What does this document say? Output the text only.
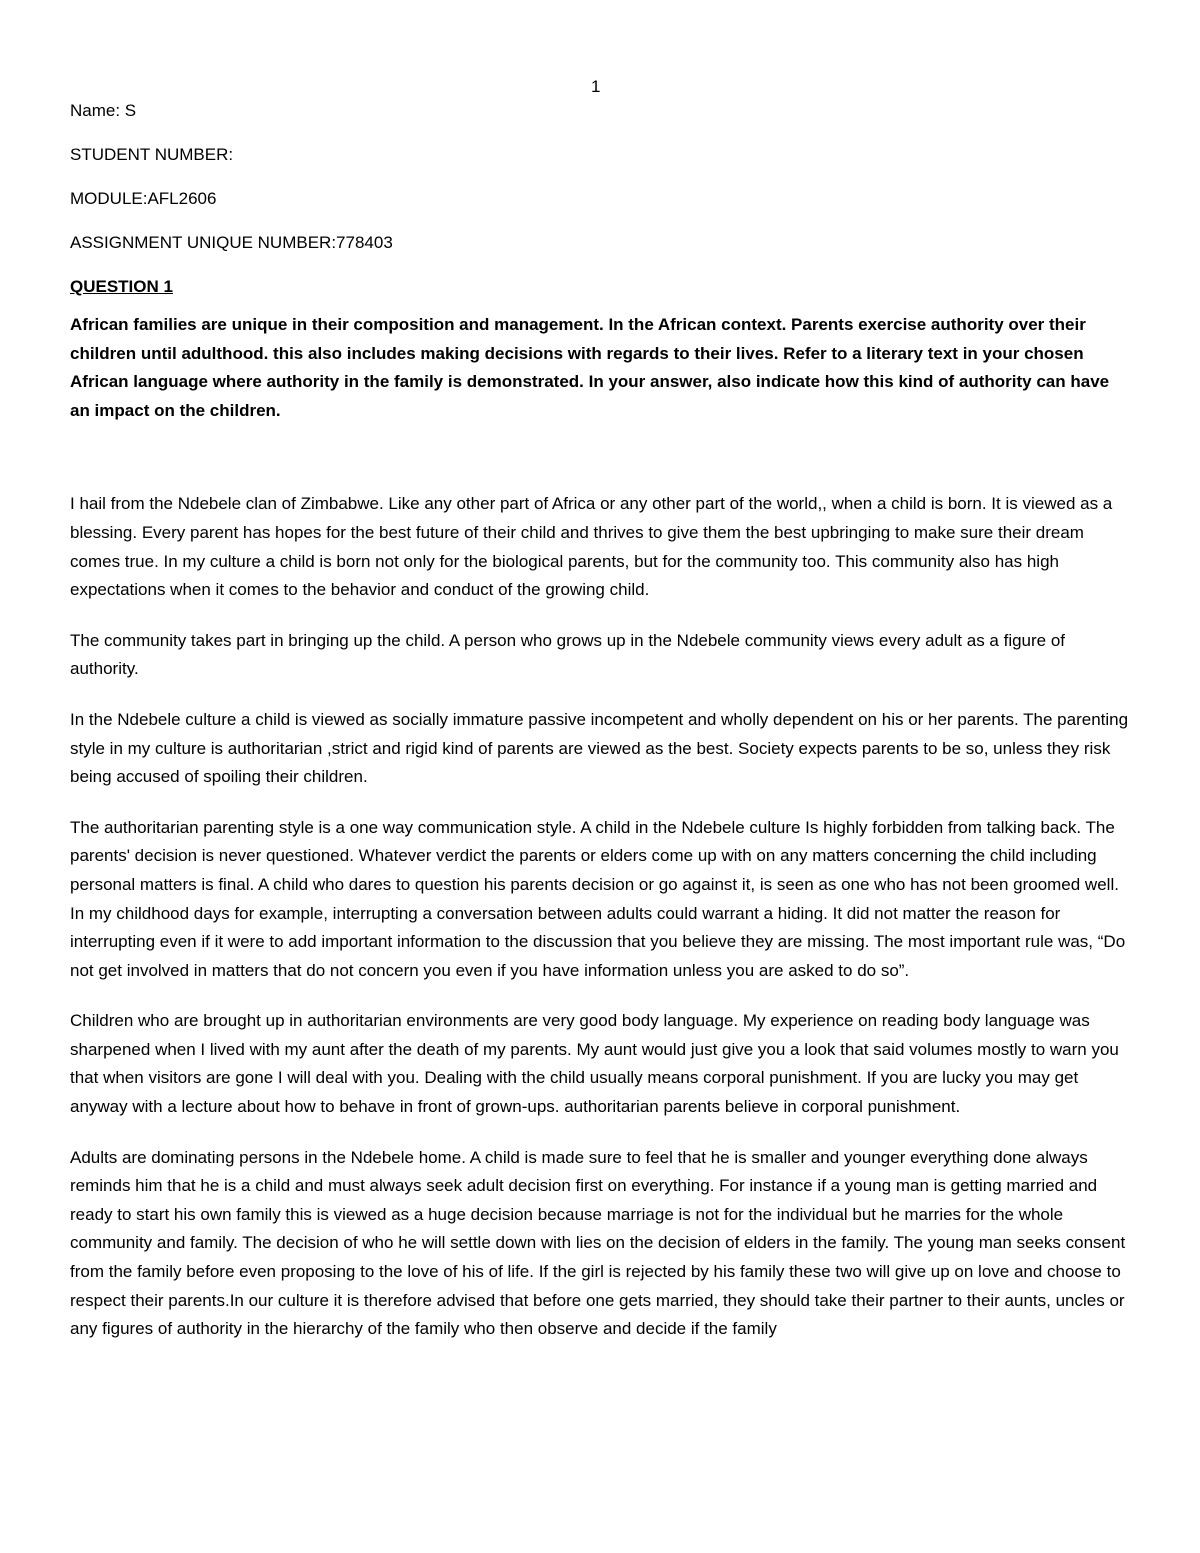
1
Name: S
STUDENT NUMBER:
MODULE:AFL2606
ASSIGNMENT UNIQUE NUMBER:778403
QUESTION 1
African families are unique in their composition and management. In the African context. Parents exercise authority over their children until adulthood. this also includes making decisions with regards to their lives. Refer to a literary text in your chosen African language where authority in the family is demonstrated. In your answer, also indicate how this kind of authority can have an impact on the children.

I hail from the Ndebele clan of Zimbabwe. Like any other part of Africa or any other part of the world,, when a child is born. It is viewed as a blessing. Every parent has hopes for the best future of their child and thrives to give them the best upbringing to make sure their dream comes true. In my culture a child is born not only for the biological parents, but for the community too. This community also has high expectations when it comes to the behavior and conduct of the growing child.

The community takes part in bringing up the child. A person who grows up in the Ndebele community views every adult as a figure of authority.

In the Ndebele culture a child is viewed as socially immature passive incompetent and wholly dependent on his or her parents. The parenting style in my culture is authoritarian ,strict and rigid kind of parents are viewed as the best. Society expects parents to be so, unless they risk being accused of spoiling their children.

The authoritarian parenting style is a one way communication style. A child in the Ndebele culture Is highly forbidden from talking back. The parents' decision is never questioned. Whatever verdict the parents or elders come up with on any matters concerning the child including personal matters is final. A child who dares to question his parents decision or go against it, is seen as one who has not been groomed well. In my childhood days for example, interrupting a conversation between adults could warrant a hiding. It did not matter the reason for interrupting even if it were to add important information to the discussion that you believe they are missing. The most important rule was, “Do not get involved in matters that do not concern you even if you have information unless you are asked to do so”.

Children who are brought up in authoritarian environments are very good body language. My experience on reading body language was sharpened when I lived with my aunt after the death of my parents. My aunt would just give you a look that said volumes mostly to warn you that when visitors are gone I will deal with you. Dealing with the child usually means corporal punishment. If you are lucky you may get anyway with a lecture about how to behave in front of grown-ups. authoritarian parents believe in corporal punishment.

Adults are dominating persons in the Ndebele home. A child is made sure to feel that he is smaller and younger everything done always reminds him that he is a child and must always seek adult decision first on everything. For instance if a young man is getting married and ready to start his own family this is viewed as a huge decision because marriage is not for the individual but he marries for the whole community and family. The decision of who he will settle down with lies on the decision of elders in the family. The young man seeks consent from the family before even proposing to the love of his of life. If the girl is rejected by his family these two will give up on love and choose to respect their parents.In our culture it is therefore advised that before one gets married, they should take their partner to their aunts, uncles or any figures of authority in the hierarchy of the family who then observe and decide if the family
